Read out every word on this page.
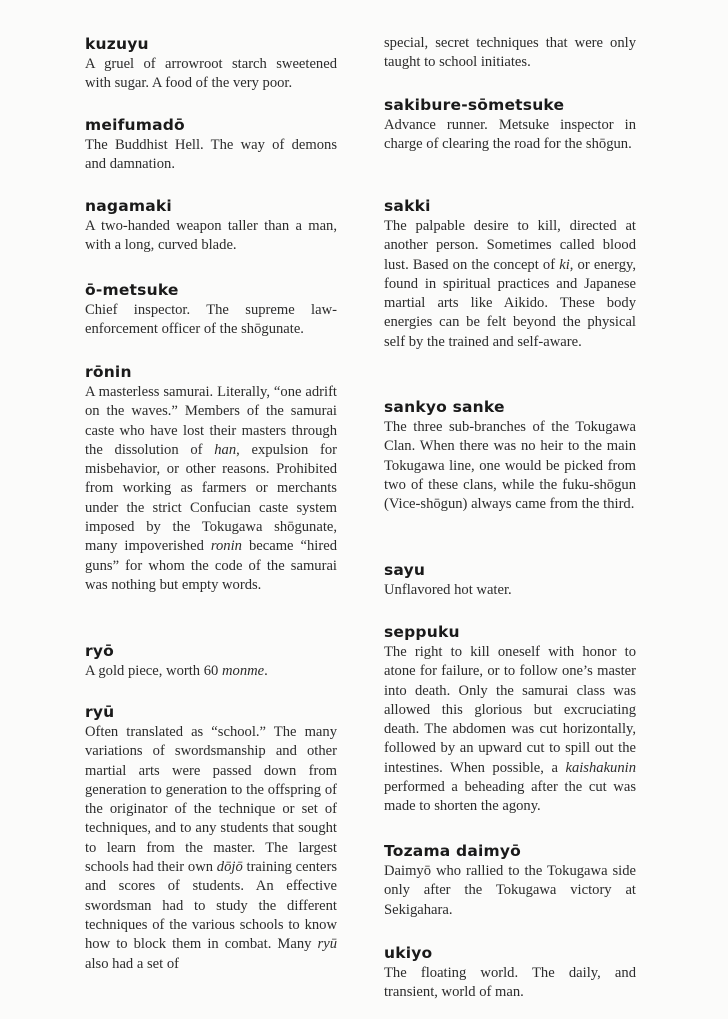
kuzuyu

A gruel of arrowroot starch sweetened with sugar. A food of the very poor.

meifumadō

The Buddhist Hell. The way of demons and damnation.

nagamaki

A two-handed weapon taller than a man, with a long, curved blade.

ō-metsuke

Chief inspector. The supreme law-enforcement officer of the shōgunate.

rōnin

A masterless samurai. Literally, “one adrift on the waves.” Members of the samurai caste who have lost their masters through the dissolution of han, expulsion for misbehavior, or other reasons. Prohibited from working as farmers or merchants under the strict Confucian caste system imposed by the Tokugawa shōgunate, many impoverished ronin became “hired guns” for whom the code of the samurai was nothing but empty words.

ryō

A gold piece, worth 60 monme.

ryū

Often translated as “school.” The many variations of swordsmanship and other martial arts were passed down from generation to generation to the offspring of the originator of the technique or set of techniques, and to any students that sought to learn from the master. The largest schools had their own dōjō training centers and scores of students. An effective swordsman had to study the different techniques of the various schools to know how to block them in combat. Many ryū also had a set of

special, secret techniques that were only taught to school initiates.

sakibure-sōmetsuke

Advance runner. Metsuke inspector in charge of clearing the road for the shōgun.

sakki

The palpable desire to kill, directed at another person. Sometimes called blood lust. Based on the concept of ki, or energy, found in spiritual practices and Japanese martial arts like Aikido. These body energies can be felt beyond the physical self by the trained and self-aware.

sankyo sanke

The three sub-branches of the Tokugawa Clan. When there was no heir to the main Tokugawa line, one would be picked from two of these clans, while the fuku-shōgun (Vice-shōgun) always came from the third.

sayu

Unflavored hot water.

seppuku

The right to kill oneself with honor to atone for failure, or to follow one’s master into death. Only the samurai class was allowed this glorious but excruciating death. The abdomen was cut horizontally, followed by an upward cut to spill out the intestines. When possible, a kaishakunin performed a beheading after the cut was made to shorten the agony.

Tozama daimyō

Daimyō who rallied to the Tokugawa side only after the Tokugawa victory at Sekigahara.

ukiyo

The floating world. The daily, and transient, world of man.
